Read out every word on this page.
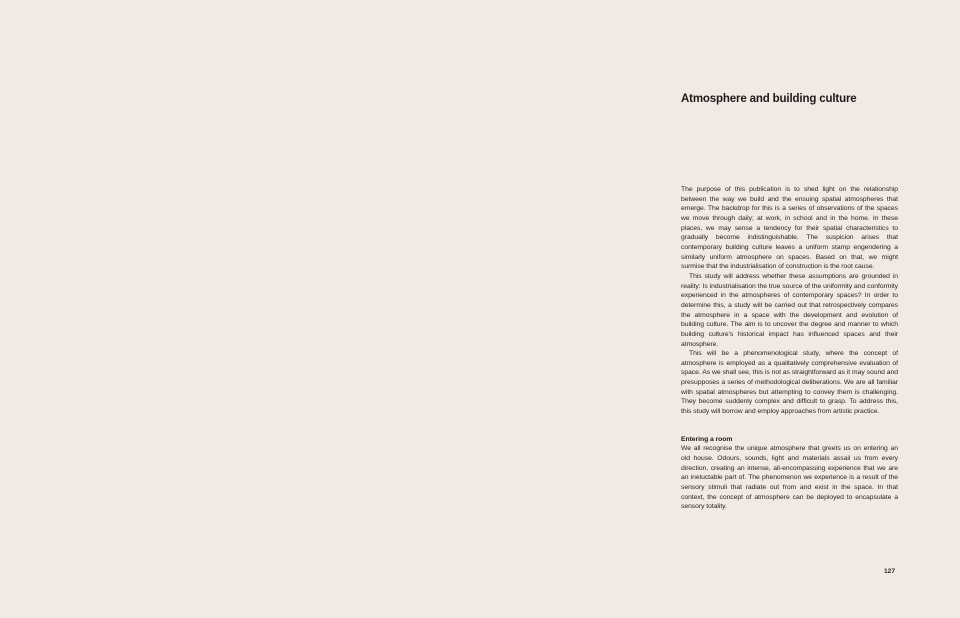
Atmosphere and building culture

The purpose of this publication is to shed light on the relationship between the way we build and the ensuing spatial atmospheres that emerge. The backdrop for this is a series of observations of the spaces we move through daily; at work, in school and in the home. In these places, we may sense a tendency for their spatial characteristics to gradually become indistinguishable. The suspicion arises that contemporary building culture leaves a uniform stamp engendering a similarly uniform atmosphere on spaces. Based on that, we might surmise that the industrialisation of construction is the root cause.

This study will address whether these assumptions are grounded in reality: Is industrialisation the true source of the uniformity and conformity experienced in the atmospheres of contemporary spaces? In order to determine this, a study will be carried out that retrospectively compares the atmosphere in a space with the development and evolution of building culture. The aim is to uncover the degree and manner to which building culture's historical impact has influenced spaces and their atmosphere.

This will be a phenomenological study, where the concept of atmosphere is employed as a qualitatively comprehensive evaluation of space. As we shall see, this is not as straightforward as it may sound and presupposes a series of methodological deliberations. We are all familiar with spatial atmospheres but attempting to convey them is challenging. They become suddenly complex and difficult to grasp. To address this, this study will borrow and employ approaches from artistic practice.

Entering a room

We all recognise the unique atmosphere that greets us on entering an old house. Odours, sounds, light and materials assail us from every direction, creating an intense, all-encompassing experience that we are an ineluctable part of. The phenomenon we experience is a result of the sensory stimuli that radiate out from and exist in the space. In that context, the concept of atmosphere can be deployed to encapsulate a sensory totality.

127
